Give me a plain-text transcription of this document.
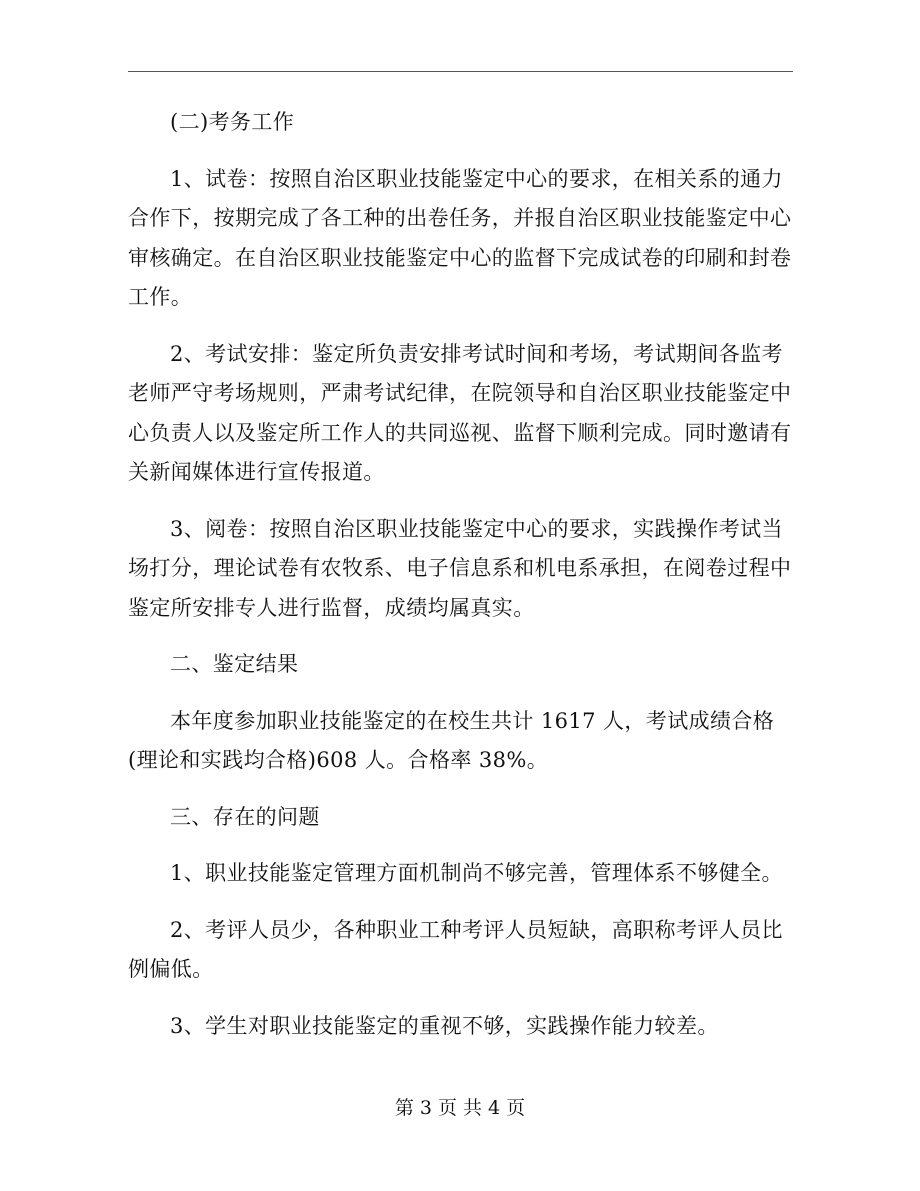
(二)考务工作

1、试卷：按照自治区职业技能鉴定中心的要求，在相关系的通力合作下，按期完成了各工种的出卷任务，并报自治区职业技能鉴定中心审核确定。在自治区职业技能鉴定中心的监督下完成试卷的印刷和封卷工作。

2、考试安排：鉴定所负责安排考试时间和考场，考试期间各监考老师严守考场规则，严肃考试纪律，在院领导和自治区职业技能鉴定中心负责人以及鉴定所工作人的共同巡视、监督下顺利完成。同时邀请有关新闻媒体进行宣传报道。

3、阅卷：按照自治区职业技能鉴定中心的要求，实践操作考试当场打分，理论试卷有农牧系、电子信息系和机电系承担，在阅卷过程中鉴定所安排专人进行监督，成绩均属真实。

二、鉴定结果

本年度参加职业技能鉴定的在校生共计 1617 人，考试成绩合格(理论和实践均合格)608 人。合格率 38%。

三、存在的问题

1、职业技能鉴定管理方面机制尚不够完善，管理体系不够健全。

2、考评人员少，各种职业工种考评人员短缺，高职称考评人员比例偏低。

3、学生对职业技能鉴定的重视不够，实践操作能力较差。

第 3 页 共 4 页
